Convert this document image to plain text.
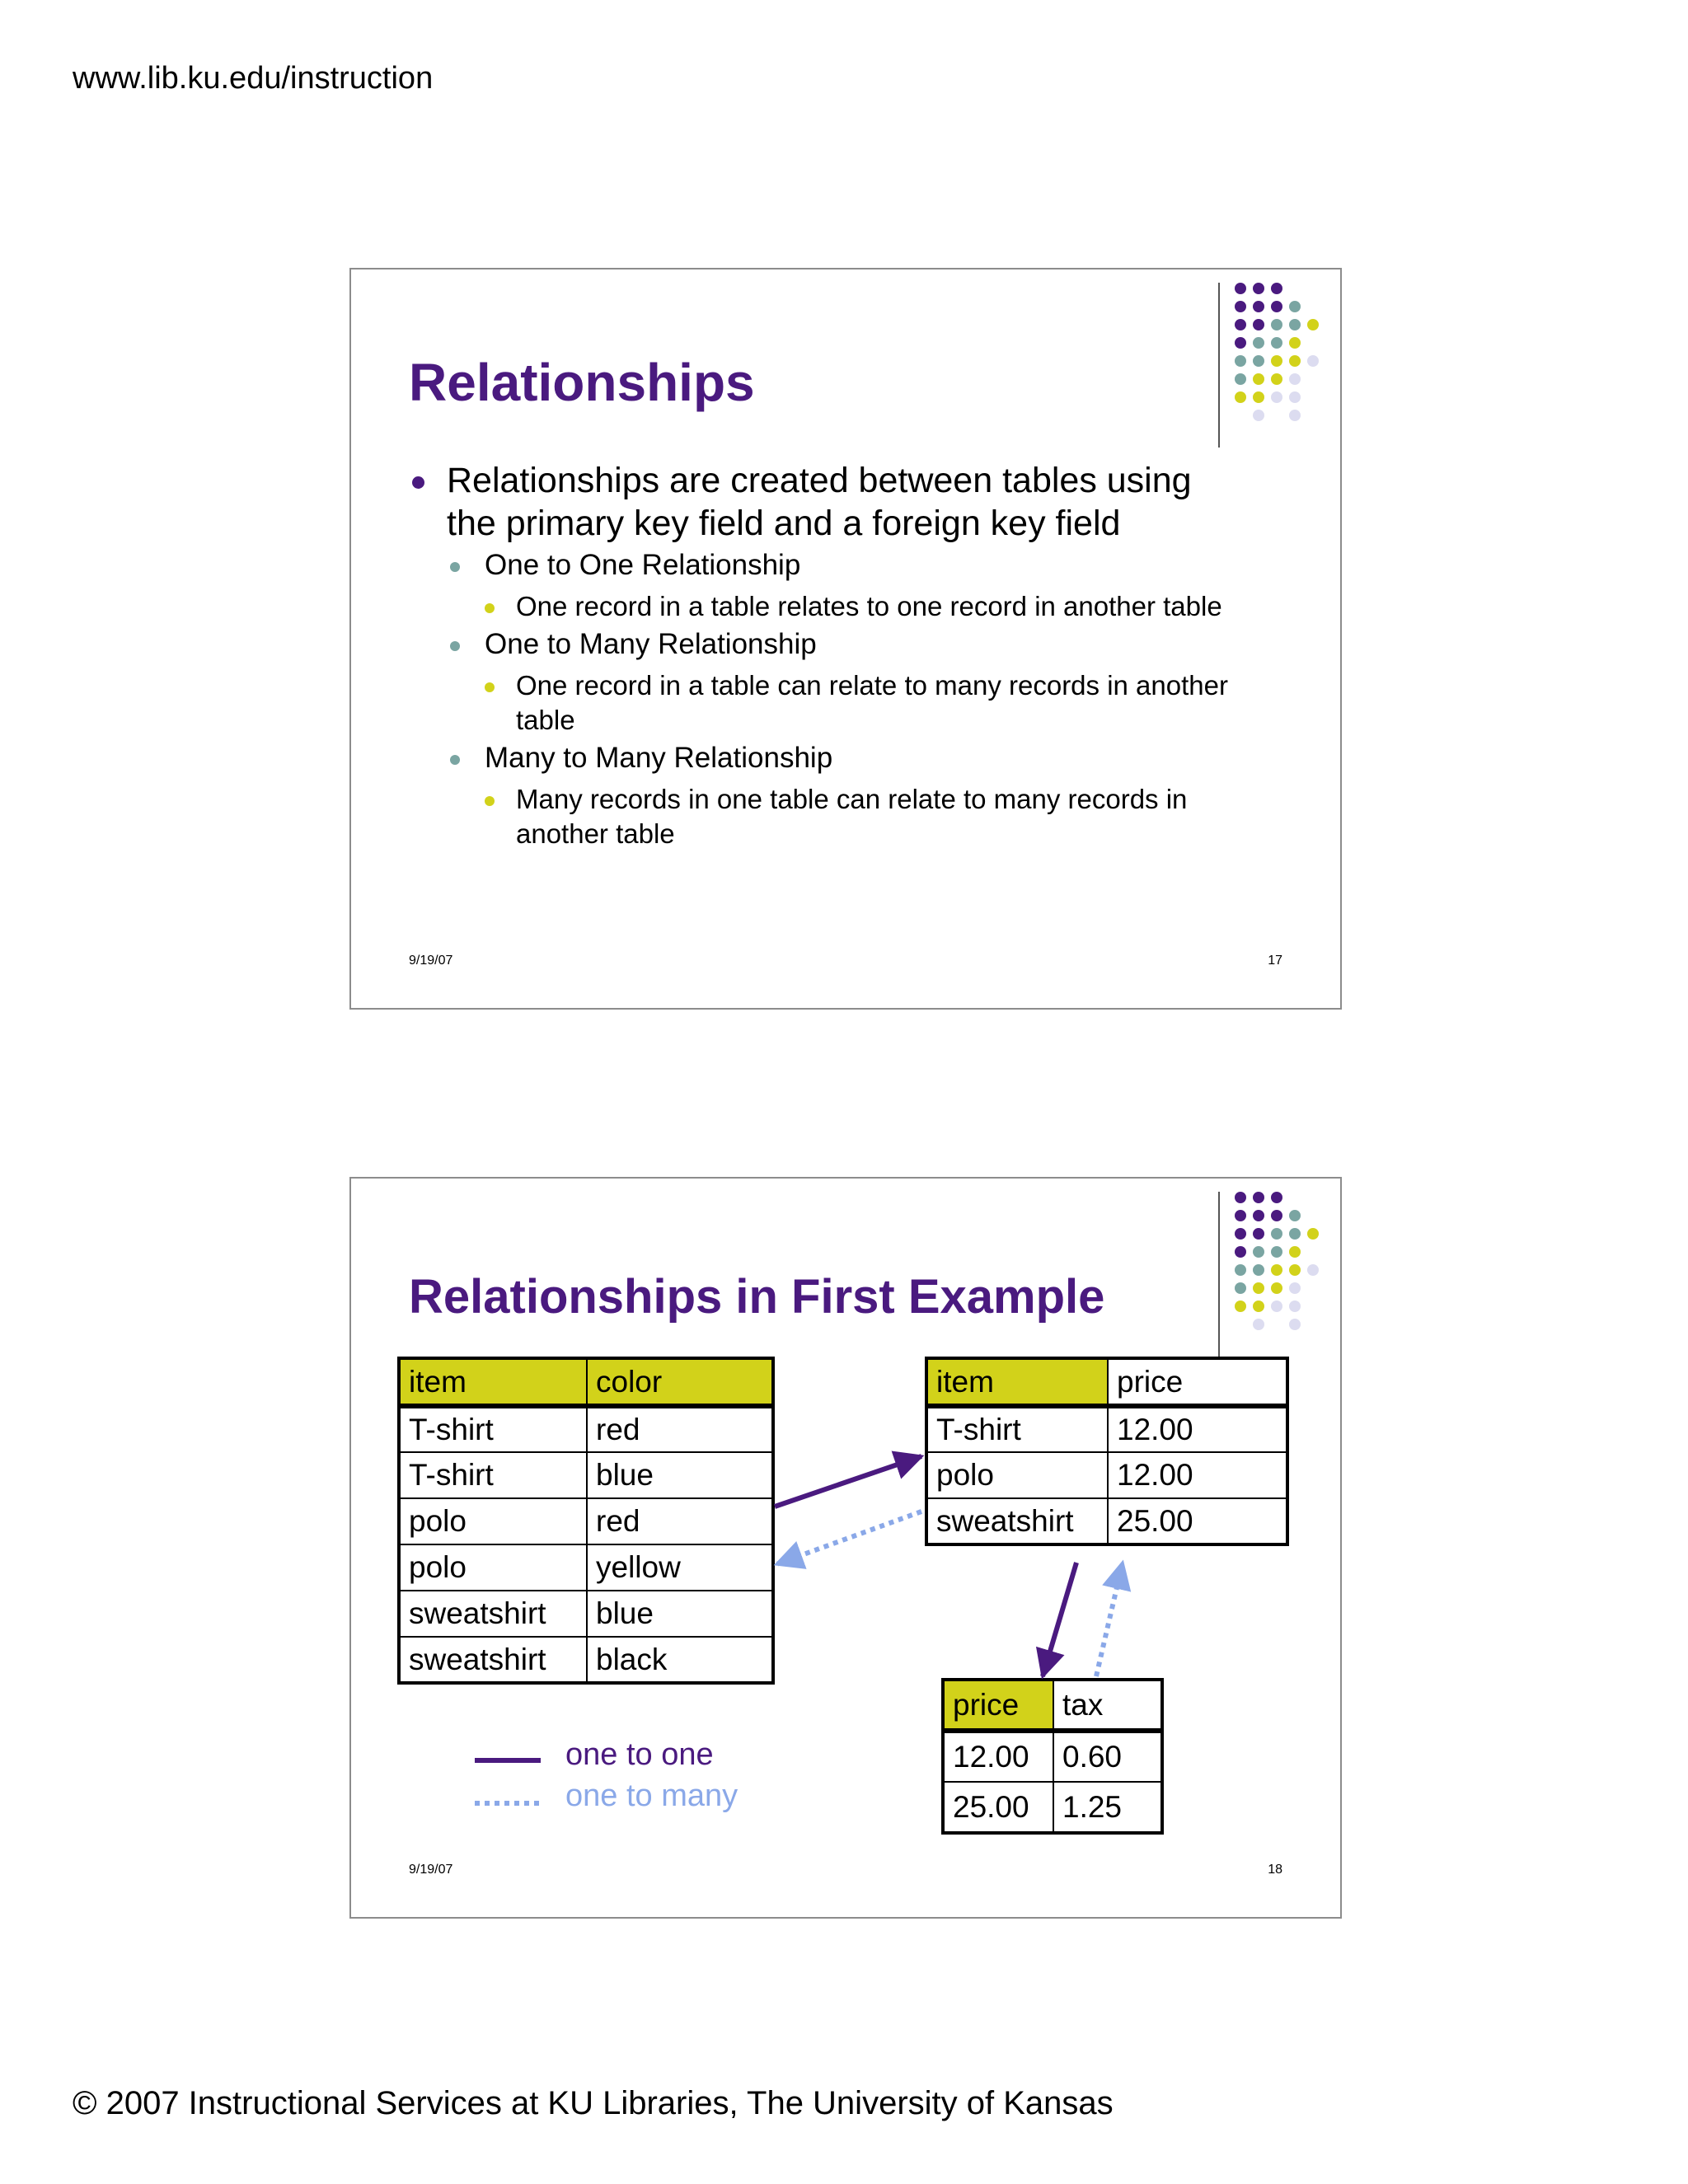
www.lib.ku.edu/instruction
Relationships
Relationships are created between tables using the primary key field and a foreign key field
One to One Relationship
One record in a table relates to one record in another table
One to Many Relationship
One record in a table can relate to many records in another table
Many to Many Relationship
Many records in one table can relate to many records in another table
9/19/07	17
Relationships in First Example
item	color
T-shirt	red
T-shirt	blue
polo	red
polo	yellow
sweatshirt	blue
sweatshirt	black
item	price
T-shirt	12.00
polo	12.00
sweatshirt	25.00
price	tax
12.00	0.60
25.00	1.25
one to one
one to many
9/19/07	18
© 2007 Instructional Services at KU Libraries, The University of Kansas
